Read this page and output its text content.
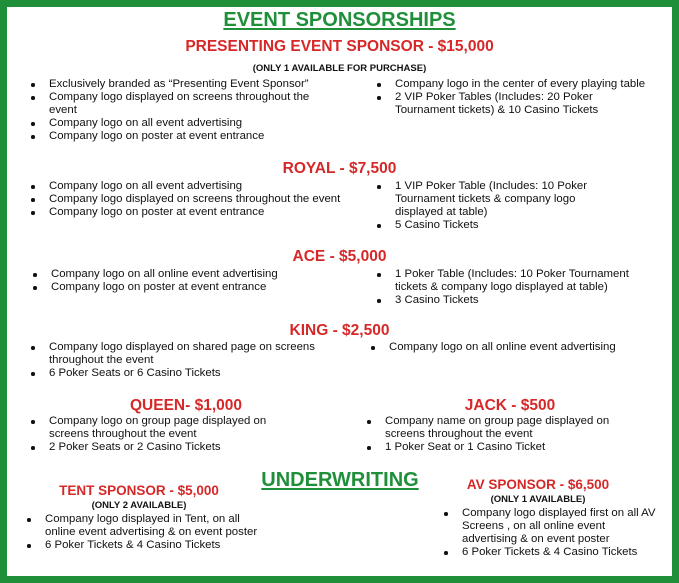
EVENT SPONSORSHIPS
PRESENTING EVENT SPONSOR - $15,000
(ONLY 1 AVAILABLE FOR PURCHASE)
Exclusively branded as “Presenting Event Sponsor”
Company logo displayed on screens throughout the event
Company logo on all event advertising
Company logo on poster at event entrance
Company logo in the center of every playing table
2 VIP Poker Tables (Includes: 20 Poker Tournament tickets) & 10 Casino Tickets
ROYAL - $7,500
Company logo on all event advertising
Company logo displayed on screens throughout the event
Company logo on poster at event entrance
1 VIP Poker Table (Includes: 10 Poker Tournament tickets & company logo displayed at table)
5 Casino Tickets
ACE - $5,000
Company logo on all online event advertising
Company logo on poster at event entrance
1 Poker Table (Includes: 10 Poker Tournament tickets & company logo displayed at table)
3 Casino Tickets
KING - $2,500
Company logo displayed on shared page on screens throughout the event
6 Poker Seats or 6 Casino Tickets
Company logo on all online event advertising
QUEEN- $1,000
Company logo on group page displayed on screens throughout the event
2 Poker Seats or 2 Casino Tickets
JACK - $500
Company name on group page displayed on screens throughout the event
1 Poker Seat or 1 Casino Ticket
UNDERWRITING
TENT SPONSOR - $5,000
(ONLY 2 AVAILABLE)
Company logo displayed in Tent, on all online event advertising & on event poster
6 Poker Tickets & 4 Casino Tickets
AV SPONSOR - $6,500
(ONLY 1 AVAILABLE)
Company logo displayed first on all AV Screens , on all online event advertising & on event poster
6 Poker Tickets & 4 Casino Tickets
